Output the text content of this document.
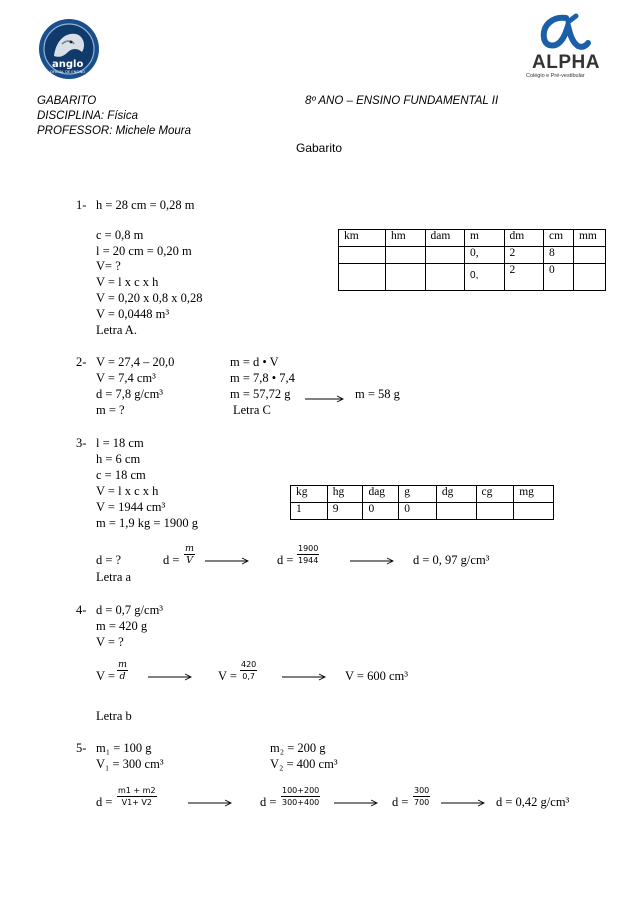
anglo
OFICIAL DE ENSINO	ALPHA
Colégio e Pré-vestibular
GABARITO	8º ANO – ENSINO FUNDAMENTAL II
DISCIPLINA: Física
PROFESSOR: Michele Moura
Gabarito
1- h = 28 cm = 0,28 m
c = 0,8 m
l = 20 cm = 0,20 m
V= ?
V = l x c x h
V = 0,20 x 0,8 x 0,28
V = 0,0448 m³
Letra A.
km	hm	dam	m	dm	cm	mm
			0,	2	8	
			0,	2	0	
2- V = 27,4 – 20,0
V = 7,4 cm³
d = 7,8 g/cm³
m = ?
m = d • V
m = 7,8 • 7,4
m = 57,72 g
Letra C
m = 58 g
3- l = 18 cm
h = 6 cm
c = 18 cm
V = l x c x h
V = 1944 cm³
m = 1,9 kg = 1900 g
kg	hg	dag	g	dg	cg	mg
1	9	0	0			
d = ?	$d = \frac{m}{V}$	$d = \frac{1900}{1944}$	d = 0, 97 g/cm³
Letra a
4- d = 0,7 g/cm³
m = 420 g
V = ?
$V = \frac{m}{d}$	$V = \frac{420}{0,7}$	V = 600 cm³
Letra b
5- m₁ = 100 g
V₁ = 300 cm³
m₂ = 200 g
V₂ = 400 cm³
$d = \frac{m1 + m2}{V1+ V2}$	$d = \frac{100+200}{300+400}$	$d = \frac{300}{700}$	d = 0,42 g/cm³
